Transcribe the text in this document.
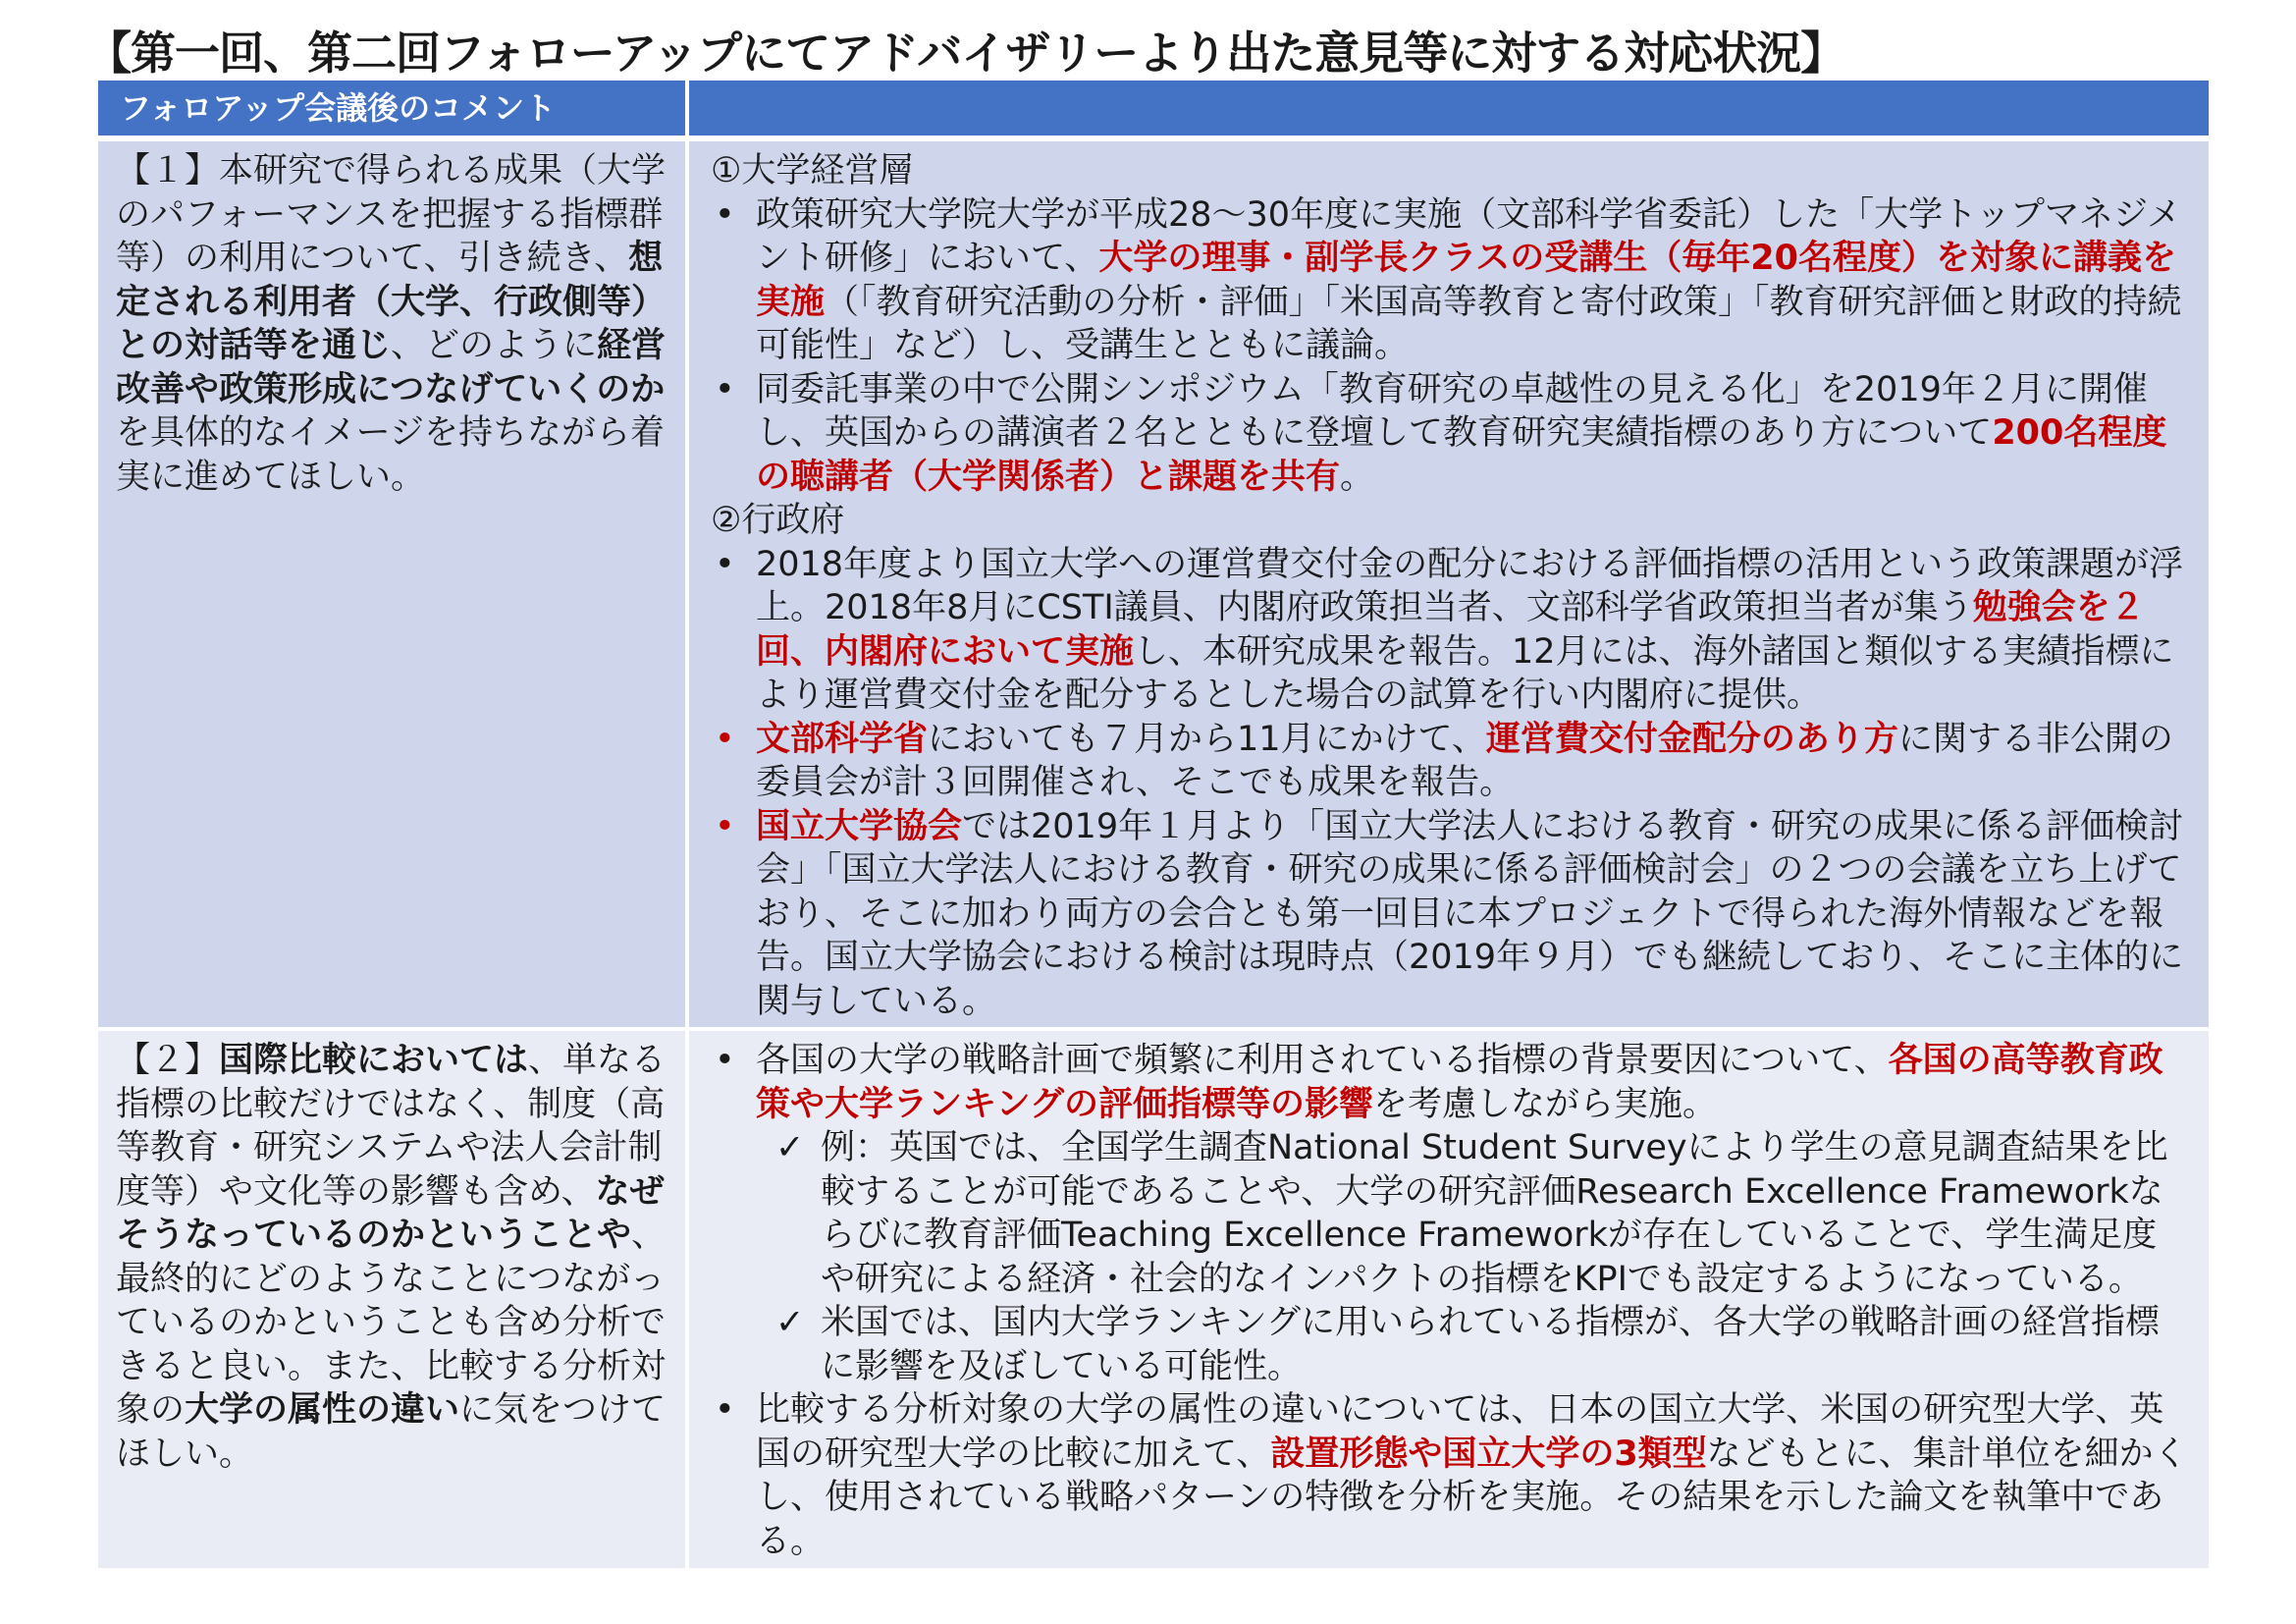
【第一回、第二回フォローアップにてアドバイザリーより出た意見等に対する対応状況】
フォロアップ会議後のコメント

【１】本研究で得られる成果（大学のパフォーマンスを把握する指標群等）の利用について、引き続き、想定される利用者（大学、行政側等）との対話等を通じ、どのように経営改善や政策形成につなげていくのかを具体的なイメージを持ちながら着実に進めてほしい。

①大学経営層

• 政策研究大学院大学が平成28～30年度に実施（文部科学省委託）した「大学トップマネジメント研修」において、大学の理事・副学長クラスの受講生（毎年20名程度）を対象に講義を実施（「教育研究活動の分析・評価」「米国高等教育と寄付政策」「教育研究評価と財政的持続可能性」など）し、受講生とともに議論。

• 同委託事業の中で公開シンポジウム「教育研究の卓越性の見える化」を2019年２月に開催し、英国からの講演者２名とともに登壇して教育研究実績指標のあり方について200名程度の聴講者（大学関係者）と課題を共有。

②行政府

• 2018年度より国立大学への運営費交付金の配分における評価指標の活用という政策課題が浮上。2018年8月にCSTI議員、内閣府政策担当者、文部科学省政策担当者が集う勉強会を２回、内閣府において実施し、本研究成果を報告。12月には、海外諸国と類似する実績指標により運営費交付金を配分するとした場合の試算を行い内閣府に提供。

• 文部科学省においても７月から11月にかけて、運営費交付金配分のあり方に関する非公開の委員会が計３回開催され、そこでも成果を報告。

• 国立大学協会では2019年１月より「国立大学法人における教育・研究の成果に係る評価検討会」「国立大学法人における教育・研究の成果に係る評価検討会」の２つの会議を立ち上げており、そこに加わり両方の会合とも第一回目に本プロジェクトで得られた海外情報などを報告。国立大学協会における検討は現時点（2019年９月）でも継続しており、そこに主体的に関与している。

【２】国際比較においては、単なる指標の比較だけではなく、制度（高等教育・研究システムや法人会計制度等）や文化等の影響も含め、なぜそうなっているのかということや、最終的にどのようなことにつながっているのかということも含め分析できると良い。また、比較する分析対象の大学の属性の違いに気をつけてほしい。

• 各国の大学の戦略計画で頻繁に利用されている指標の背景要因について、各国の高等教育政策や大学ランキングの評価指標等の影響を考慮しながら実施。

✓ 例：英国では、全国学生調査National Student Surveyにより学生の意見調査結果を比較することが可能であることや、大学の研究評価Research Excellence Frameworkならびに教育評価Teaching Excellence Frameworkが存在していることで、学生満足度や研究による経済・社会的なインパクトの指標をKPIでも設定するようになっている。

✓ 米国では、国内大学ランキングに用いられている指標が、各大学の戦略計画の経営指標に影響を及ぼしている可能性。

• 比較する分析対象の大学の属性の違いについては、日本の国立大学、米国の研究型大学、英国の研究型大学の比較に加えて、設置形態や国立大学の3類型などもとに、集計単位を細かくし、使用されている戦略パターンの特徴を分析を実施。その結果を示した論文を執筆中である。
